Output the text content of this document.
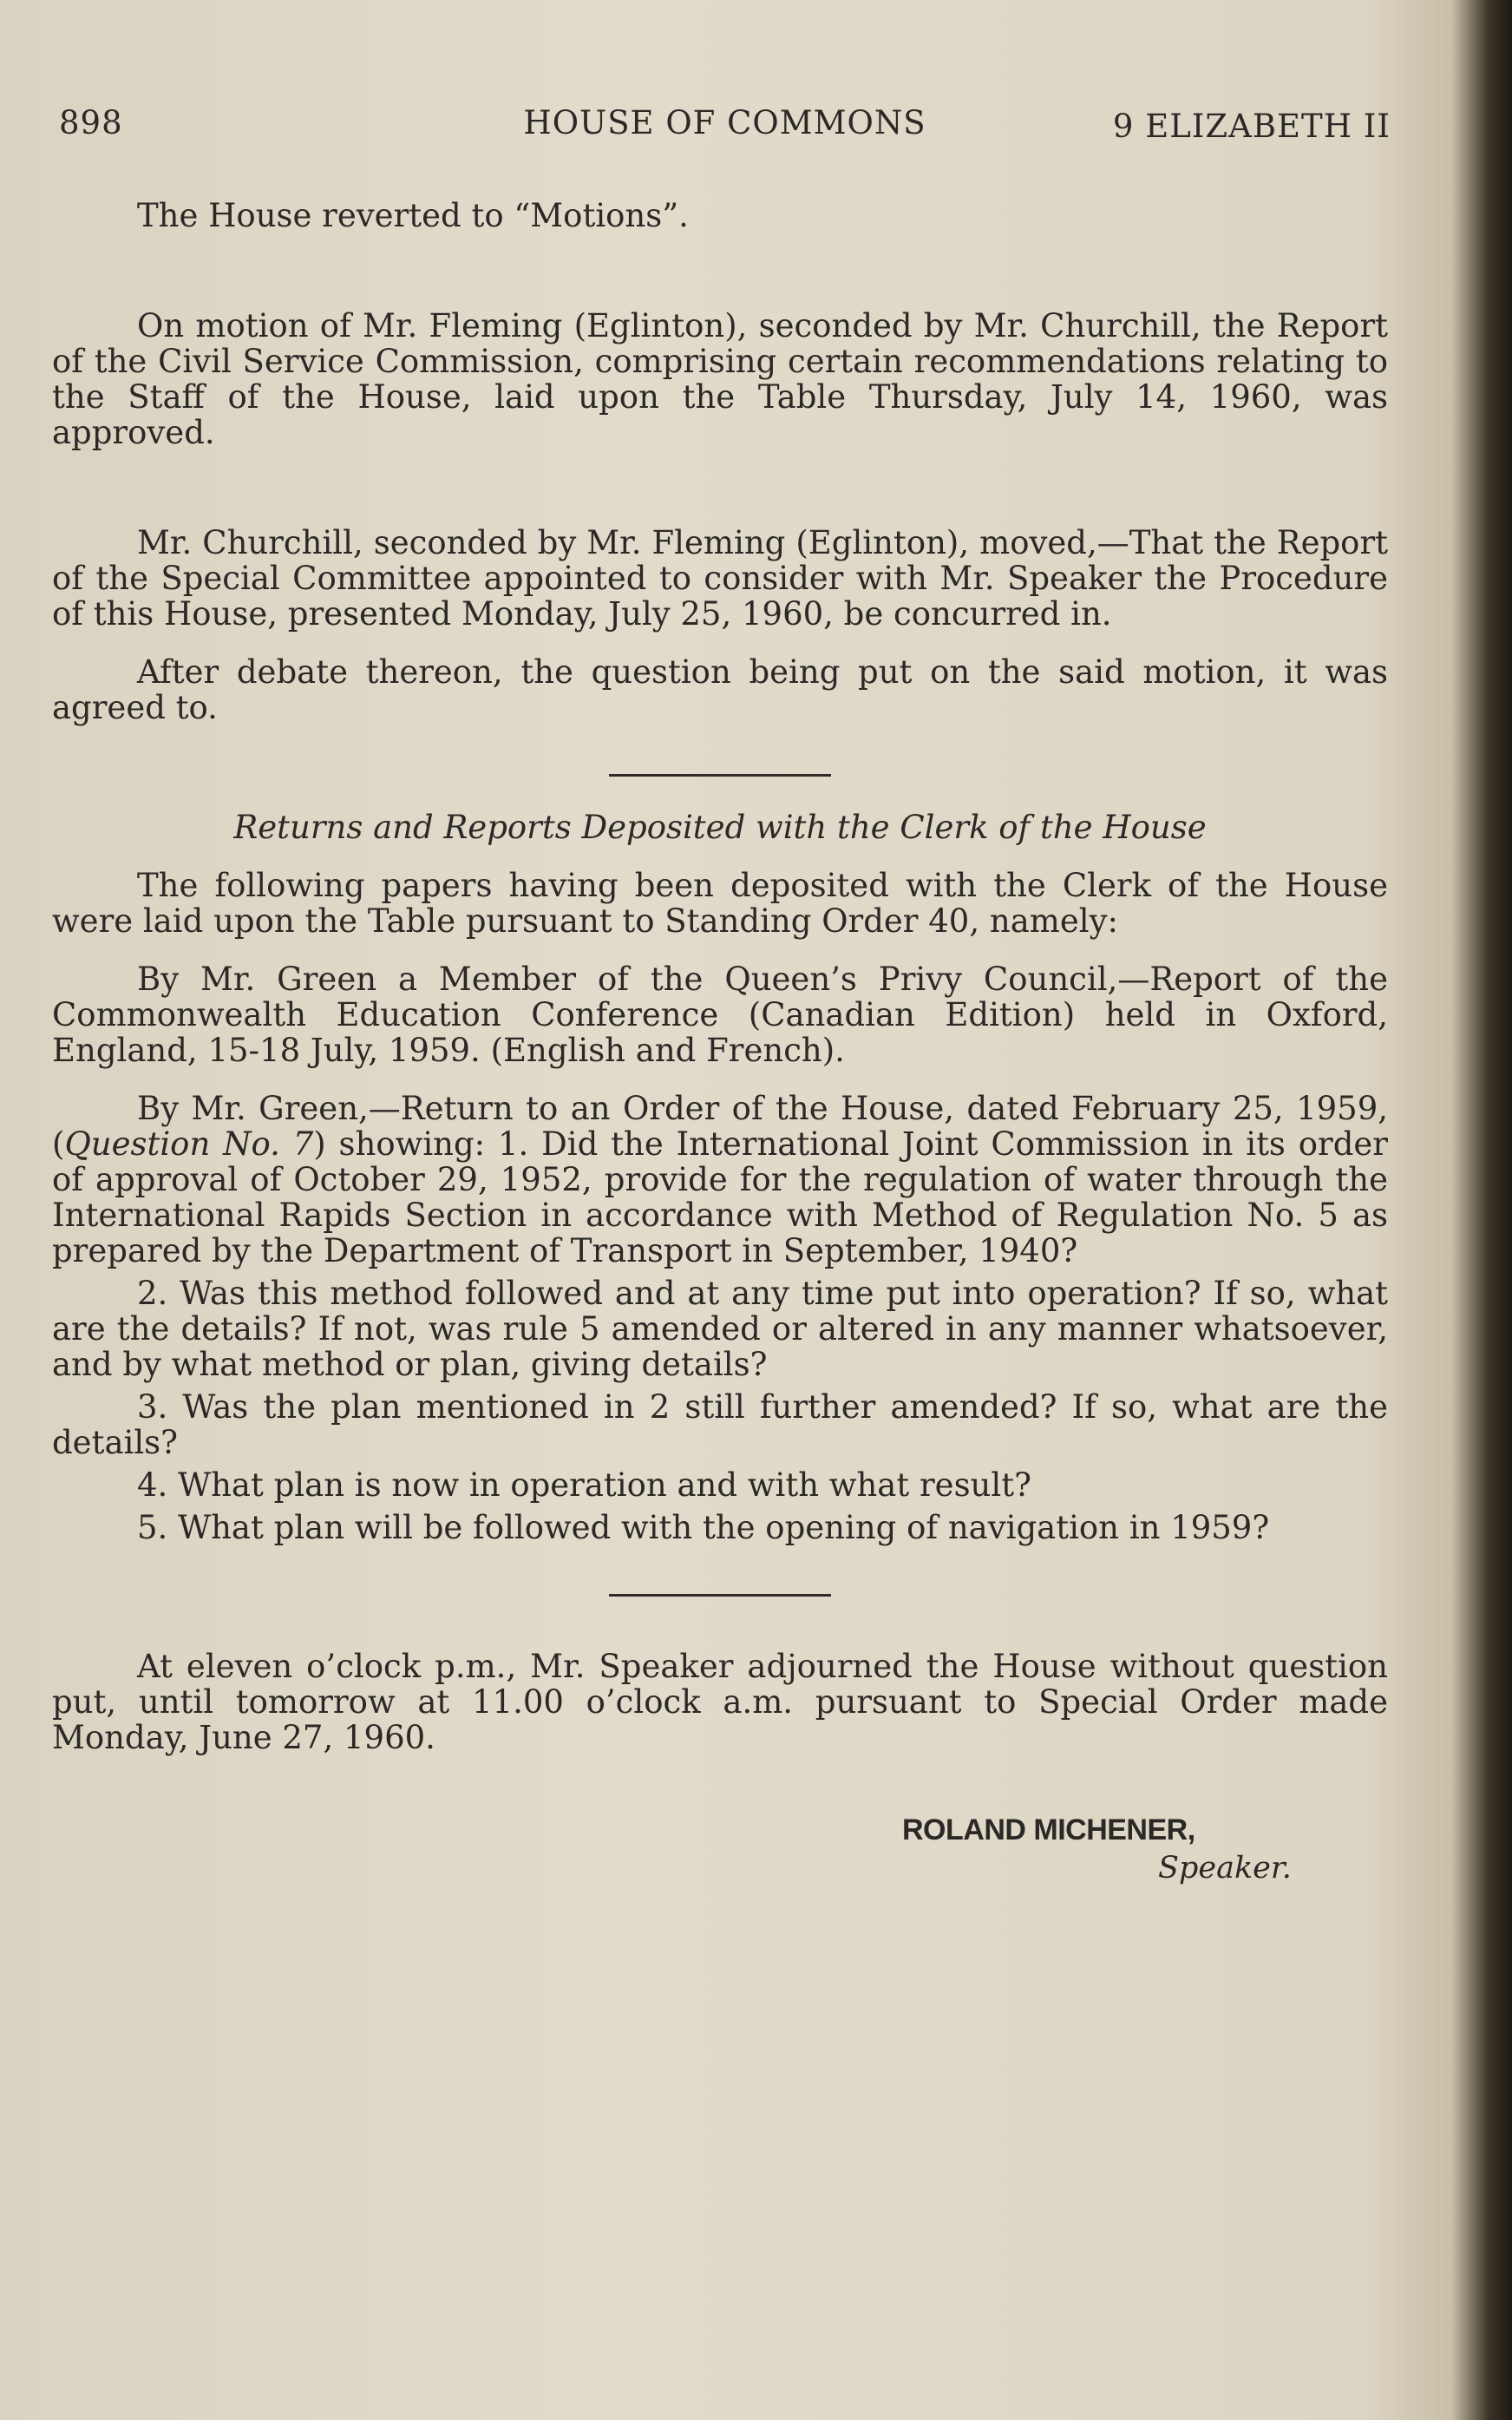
898	HOUSE OF COMMONS	9 ELIZABETH II

The House reverted to “Motions”.

On motion of Mr. Fleming (Eglinton), seconded by Mr. Churchill, the Report of the Civil Service Commission, comprising certain recommendations relating to the Staff of the House, laid upon the Table Thursday, July 14, 1960, was approved.

Mr. Churchill, seconded by Mr. Fleming (Eglinton), moved,—That the Report of the Special Committee appointed to consider with Mr. Speaker the Procedure of this House, presented Monday, July 25, 1960, be concurred in.

After debate thereon, the question being put on the said motion, it was agreed to.

Returns and Reports Deposited with the Clerk of the House

The following papers having been deposited with the Clerk of the House were laid upon the Table pursuant to Standing Order 40, namely:

By Mr. Green a Member of the Queen’s Privy Council,—Report of the Commonwealth Education Conference (Canadian Edition) held in Oxford, England, 15-18 July, 1959. (English and French).

By Mr. Green,—Return to an Order of the House, dated February 25, 1959, (Question No. 7) showing: 1. Did the International Joint Commission in its order of approval of October 29, 1952, provide for the regulation of water through the International Rapids Section in accordance with Method of Regulation No. 5 as prepared by the Department of Transport in September, 1940?

2. Was this method followed and at any time put into operation? If so, what are the details? If not, was rule 5 amended or altered in any manner whatsoever, and by what method or plan, giving details?

3. Was the plan mentioned in 2 still further amended? If so, what are the details?

4. What plan is now in operation and with what result?

5. What plan will be followed with the opening of navigation in 1959?

At eleven o’clock p.m., Mr. Speaker adjourned the House without question put, until tomorrow at 11.00 o’clock a.m. pursuant to Special Order made Monday, June 27, 1960.

ROLAND MICHENER,
Speaker.
